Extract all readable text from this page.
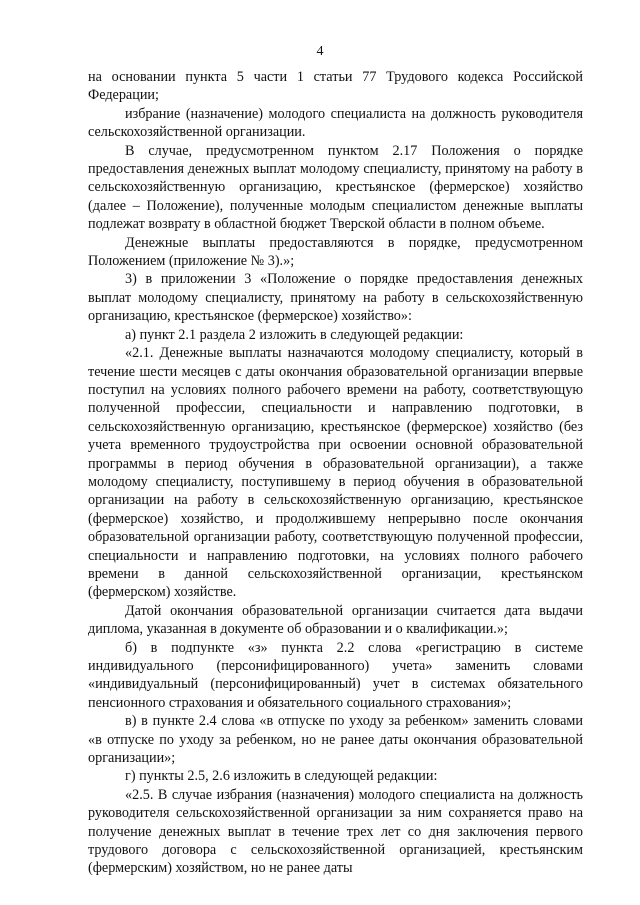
4

на основании пункта 5 части 1 статьи 77 Трудового кодекса Российской Федерации;

избрание (назначение) молодого специалиста на должность руководителя сельскохозяйственной организации.

В случае, предусмотренном пунктом 2.17 Положения о порядке предоставления денежных выплат молодому специалисту, принятому на работу в сельскохозяйственную организацию, крестьянское (фермерское) хозяйство (далее – Положение), полученные молодым специалистом денежные выплаты подлежат возврату в областной бюджет Тверской области в полном объеме.

Денежные выплаты предоставляются в порядке, предусмотренном Положением (приложение № 3).»;

3) в приложении 3 «Положение о порядке предоставления денежных выплат молодому специалисту, принятому на работу в сельскохозяйственную организацию, крестьянское (фермерское) хозяйство»:

а) пункт 2.1 раздела 2 изложить в следующей редакции:

«2.1. Денежные выплаты назначаются молодому специалисту, который в течение шести месяцев с даты окончания образовательной организации впервые поступил на условиях полного рабочего времени на работу, соответствующую полученной профессии, специальности и направлению подготовки, в сельскохозяйственную организацию, крестьянское (фермерское) хозяйство (без учета временного трудоустройства при освоении основной образовательной программы в период обучения в образовательной организации), а также молодому специалисту, поступившему в период обучения в образовательной организации на работу в сельскохозяйственную организацию, крестьянское (фермерское) хозяйство, и продолжившему непрерывно после окончания образовательной организации работу, соответствующую полученной профессии, специальности и направлению подготовки, на условиях полного рабочего времени в данной сельскохозяйственной организации, крестьянском (фермерском) хозяйстве.

Датой окончания образовательной организации считается дата выдачи диплома, указанная в документе об образовании и о квалификации.»;

б) в подпункте «з» пункта 2.2 слова «регистрацию в системе индивидуального (персонифицированного) учета» заменить словами «индивидуальный (персонифицированный) учет в системах обязательного пенсионного страхования и обязательного социального страхования»;

в) в пункте 2.4 слова «в отпуске по уходу за ребенком» заменить словами «в отпуске по уходу за ребенком, но не ранее даты окончания образовательной организации»;

г) пункты 2.5, 2.6 изложить в следующей редакции:

«2.5. В случае избрания (назначения) молодого специалиста на должность руководителя сельскохозяйственной организации за ним сохраняется право на получение денежных выплат в течение трех лет со дня заключения первого трудового договора с сельскохозяйственной организацией, крестьянским (фермерским) хозяйством, но не ранее даты
